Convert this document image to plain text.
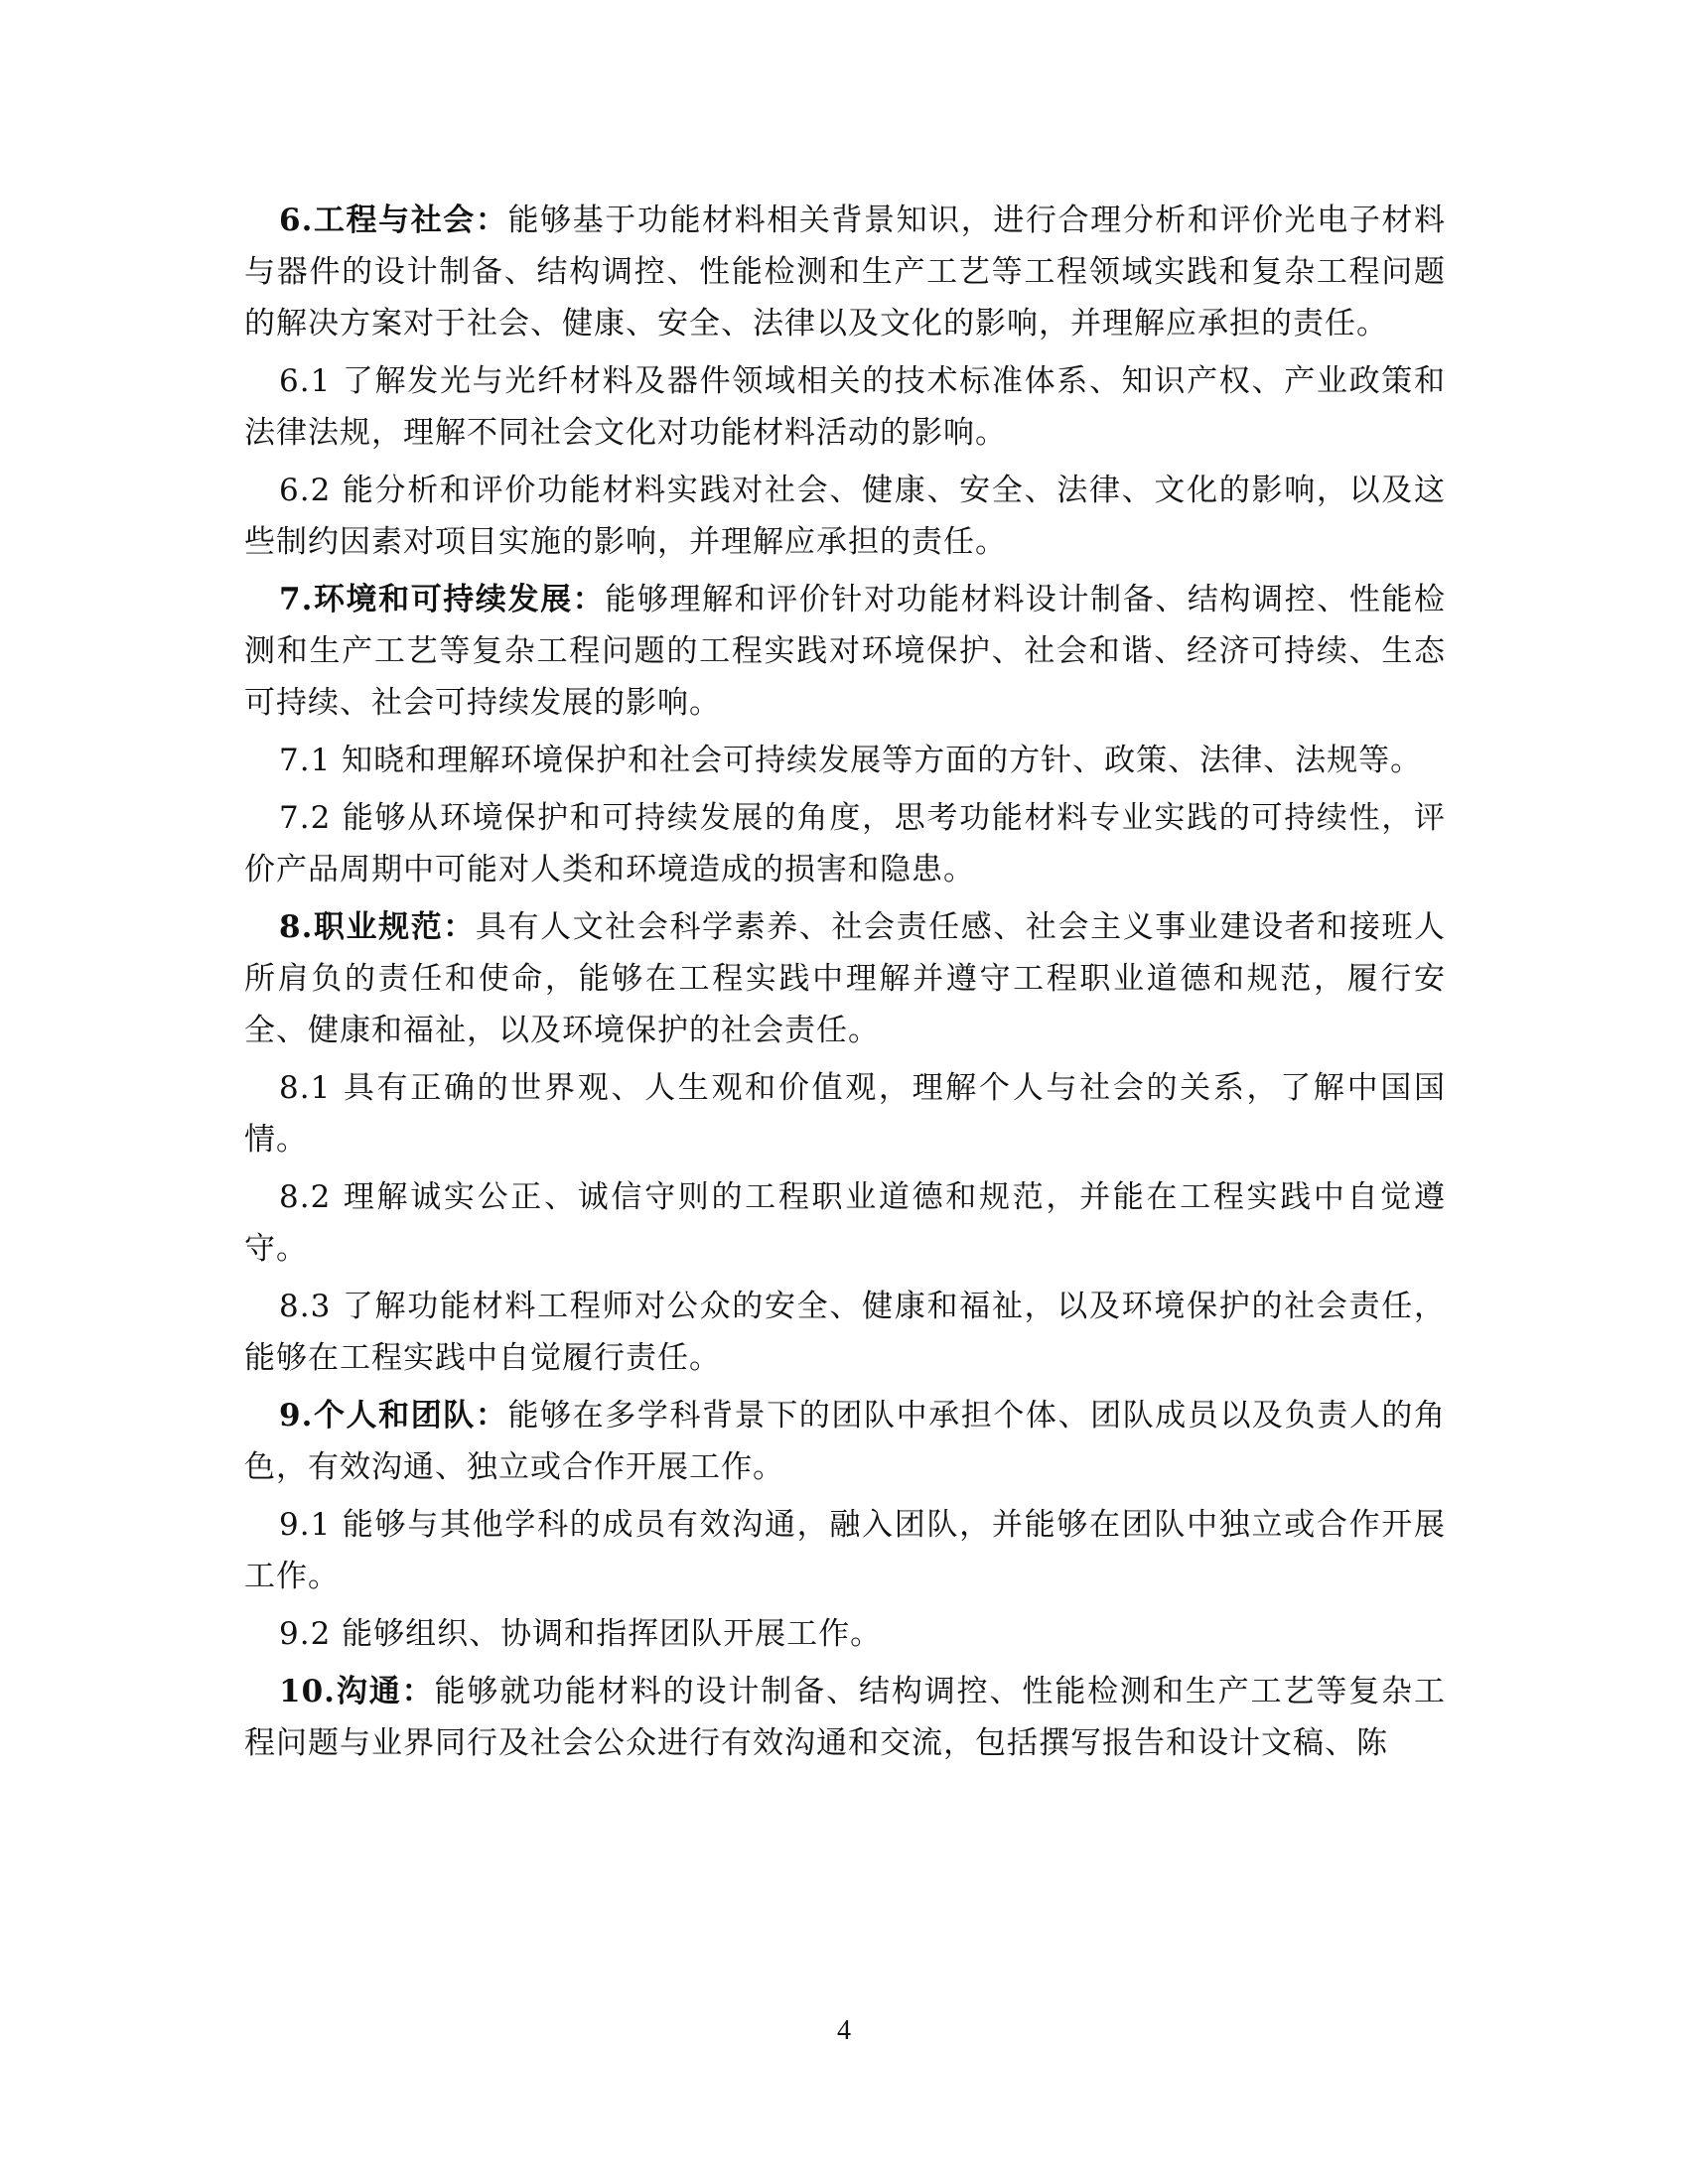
6.工程与社会：能够基于功能材料相关背景知识，进行合理分析和评价光电子材料与器件的设计制备、结构调控、性能检测和生产工艺等工程领域实践和复杂工程问题的解决方案对于社会、健康、安全、法律以及文化的影响，并理解应承担的责任。

6.1 了解发光与光纤材料及器件领域相关的技术标准体系、知识产权、产业政策和法律法规，理解不同社会文化对功能材料活动的影响。

6.2 能分析和评价功能材料实践对社会、健康、安全、法律、文化的影响，以及这些制约因素对项目实施的影响，并理解应承担的责任。

7.环境和可持续发展：能够理解和评价针对功能材料设计制备、结构调控、性能检测和生产工艺等复杂工程问题的工程实践对环境保护、社会和谐、经济可持续、生态可持续、社会可持续发展的影响。

7.1 知晓和理解环境保护和社会可持续发展等方面的方针、政策、法律、法规等。

7.2 能够从环境保护和可持续发展的角度，思考功能材料专业实践的可持续性，评价产品周期中可能对人类和环境造成的损害和隐患。

8.职业规范：具有人文社会科学素养、社会责任感、社会主义事业建设者和接班人所肩负的责任和使命，能够在工程实践中理解并遵守工程职业道德和规范，履行安全、健康和福祉，以及环境保护的社会责任。

8.1 具有正确的世界观、人生观和价值观，理解个人与社会的关系，了解中国国情。

8.2 理解诚实公正、诚信守则的工程职业道德和规范，并能在工程实践中自觉遵守。

8.3 了解功能材料工程师对公众的安全、健康和福祉，以及环境保护的社会责任，能够在工程实践中自觉履行责任。

9.个人和团队：能够在多学科背景下的团队中承担个体、团队成员以及负责人的角色，有效沟通、独立或合作开展工作。

9.1 能够与其他学科的成员有效沟通，融入团队，并能够在团队中独立或合作开展工作。

9.2 能够组织、协调和指挥团队开展工作。

10.沟通：能够就功能材料的设计制备、结构调控、性能检测和生产工艺等复杂工程问题与业界同行及社会公众进行有效沟通和交流，包括撰写报告和设计文稿、陈

4
